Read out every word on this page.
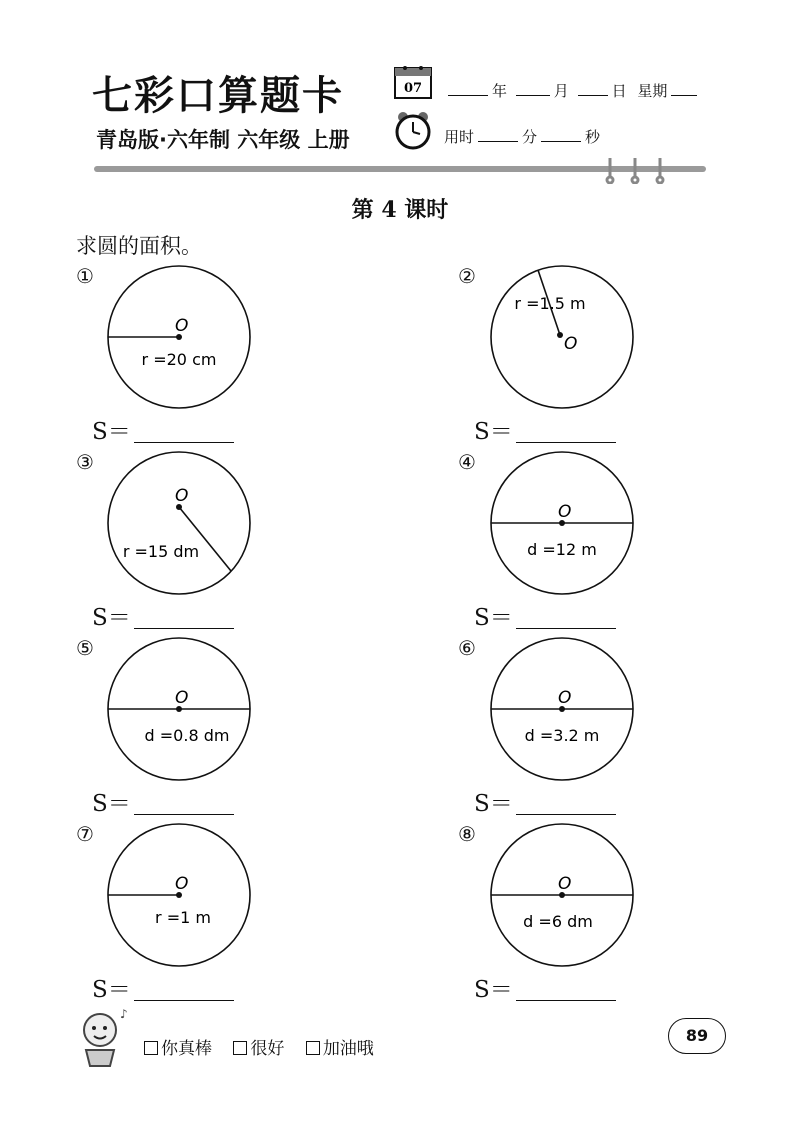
七彩口算题卡
青岛版·六年制 六年级 上册
07	年	月	日 星期
用时	分	秒
第 4 课时
求圆的面积。
①
O
r =20 cm
S＝
②
O
r =1.5 m
S＝
③
O
r =15 dm
S＝
④
O
d =12 m
S＝
⑤
O
d =0.8 dm
S＝
⑥
O
d =3.2 m
S＝
⑦
O
r =1 m
S＝
⑧
O
d =6 dm
S＝
♪
你真棒 很好 加油哦
89
